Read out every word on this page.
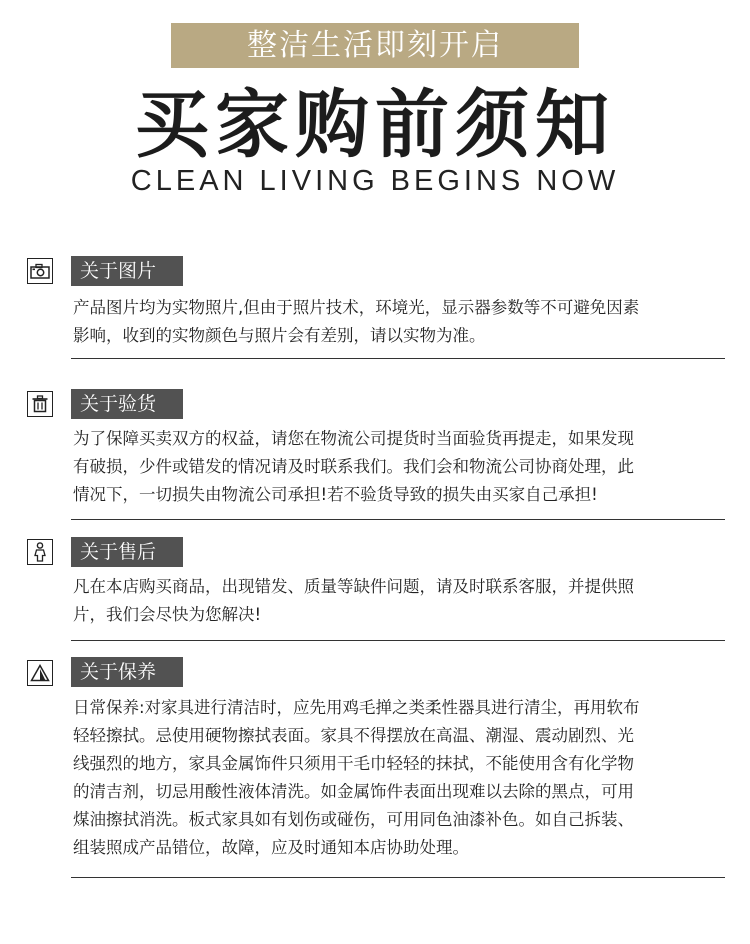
整洁生活即刻开启
买家购前须知
CLEAN LIVING BEGINS NOW
关于图片
产品图片均为实物照片,但由于照片技术，环境光，显示器参数等不可避免因素
影响，收到的实物颜色与照片会有差别，请以实物为准。
关于验货
为了保障买卖双方的权益，请您在物流公司提货时当面验货再提走，如果发现
有破损，少件或错发的情况请及时联系我们。我们会和物流公司协商处理，此
情况下，一切损失由物流公司承担!若不验货导致的损失由买家自己承担!
关于售后
凡在本店购买商品，出现错发、质量等缺件问题，请及时联系客服，并提供照
片，我们会尽快为您解决!
关于保养
日常保养:对家具进行清洁时，应先用鸡毛掸之类柔性器具进行清尘，再用软布
轻轻擦拭。忌使用硬物擦拭表面。家具不得摆放在高温、潮湿、震动剧烈、光
线强烈的地方，家具金属饰件只须用干毛巾轻轻的抹拭，不能使用含有化学物
的清吉剂，切忌用酸性液体清洗。如金属饰件表面出现难以去除的黑点，可用
煤油擦拭消洗。板式家具如有划伤或碰伤，可用同色油漆补色。如自己拆装、
组装照成产品错位，故障，应及时通知本店协助处理。
